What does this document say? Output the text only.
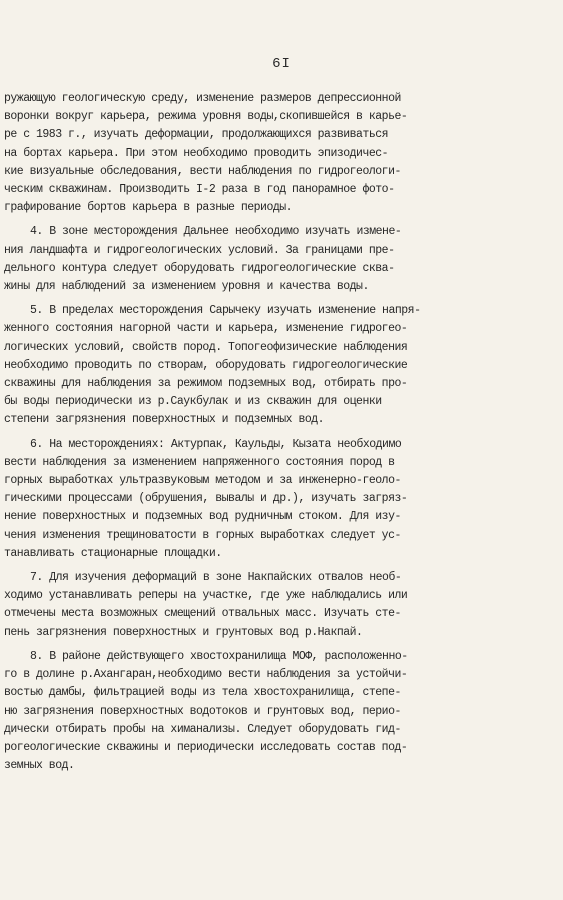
6I
ружающую геологическую среду, изменение размеров депрессионной
воронки вокруг карьера, режима уровня воды,скопившейся в карье-
ре с 1983 г., изучать деформации, продолжающихся развиваться
на бортах карьера. При этом необходимо проводить эпизодичес-
кие визуальные обследования, вести наблюдения по гидрогеологи-
ческим скважинам. Производить I-2 раза в год панорамное фото-
графирование бортов карьера в разные периоды.
4. В зоне месторождения Дальнее необходимо изучать измене-
ния ландшафта и гидрогеологических условий. За границами пре-
дельного контура следует оборудовать гидрогеологические сква-
жины для наблюдений за изменением уровня и качества воды.
5. В пределах месторождения Сарычеку изучать изменение напря-
женного состояния нагорной части и карьера, изменение гидрогео-
логических условий, свойств пород. Топогеофизические наблюдения
необходимо проводить по створам, оборудовать гидрогеологические
скважины для наблюдения за режимом подземных вод, отбирать про-
бы воды периодически из р.Саукбулак и из скважин для оценки
степени загрязнения поверхностных и подземных вод.
6. На месторождениях: Актурпак, Каульды, Кызата необходимо
вести наблюдения за изменением напряженного состояния пород в
горных выработках ультразвуковым методом и за инженерно-геоло-
гическими процессами (обрушения, вывалы и др.), изучать загряз-
нение поверхностных и подземных вод рудничным стоком. Для изу-
чения изменения трещиноватости в горных выработках следует ус-
танавливать стационарные площадки.
7. Для изучения деформаций в зоне Накпайских отвалов необ-
ходимо устанавливать реперы на участке, где уже наблюдались или
отмечены места возможных смещений отвальных масс. Изучать сте-
пень загрязнения поверхностных и грунтовых вод р.Накпай.
8. В районе действующего хвостохранилища МОФ, расположенно-
го в долине р.Ахангаран,необходимо вести наблюдения за устойчи-
востью дамбы, фильтрацией воды из тела хвостохранилища, степе-
ню загрязнения поверхностных водотоков и грунтовых вод, перио-
дически отбирать пробы на химанализы. Следует оборудовать гид-
рогеологические скважины и периодически исследовать состав под-
земных вод.
